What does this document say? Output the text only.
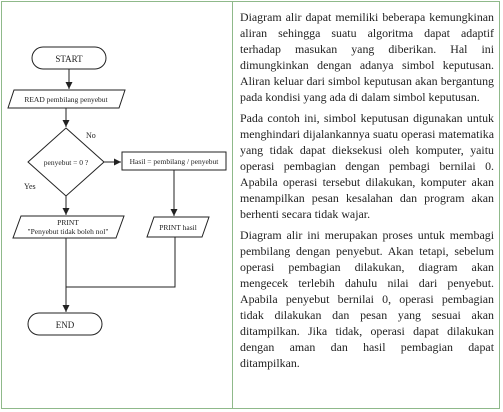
START
READ pembilang penyebut
penyebut = 0 ?
No
Hasil = pembilang / penyebut
Yes
PRINT
"Penyebut tidak boleh nol"	PRINT hasil
END

Diagram alir dapat memiliki beberapa kemungkinan aliran sehingga suatu algoritma dapat adaptif terhadap masukan yang diberikan. Hal ini dimungkinkan dengan adanya simbol keputusan. Aliran keluar dari simbol keputusan akan bergantung pada kondisi yang ada di dalam simbol keputusan.

Pada contoh ini, simbol keputusan digunakan untuk menghindari dijalankannya suatu operasi matematika yang tidak dapat dieksekusi oleh komputer, yaitu operasi pembagian dengan pembagi bernilai 0. Apabila operasi tersebut dilakukan, komputer akan menampilkan pesan kesalahan dan program akan berhenti secara tidak wajar.

Diagram alir ini merupakan proses untuk membagi pembilang dengan penyebut. Akan tetapi, sebelum operasi pembagian dilakukan, diagram akan mengecek terlebih dahulu nilai dari penyebut. Apabila penyebut bernilai 0, operasi pembagian tidak dilakukan dan pesan yang sesuai akan ditampilkan. Jika tidak, operasi dapat dilakukan dengan aman dan hasil pembagian dapat ditampilkan.
